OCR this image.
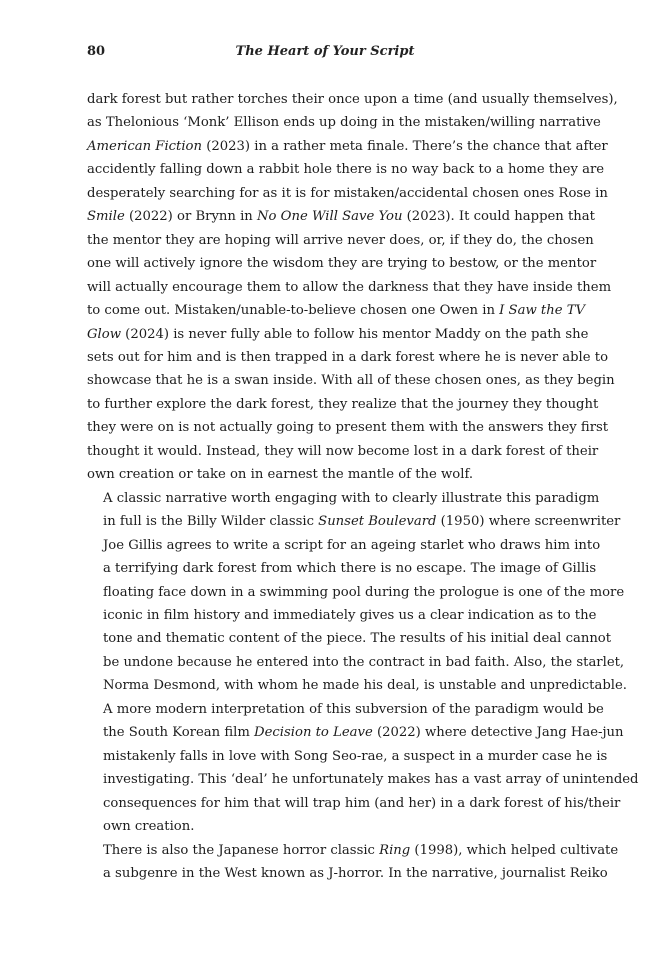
80	The Heart of Your Script

dark forest but rather torches their once upon a time (and usually themselves),
as Thelonious ‘Monk’ Ellison ends up doing in the mistaken/willing narrative
American Fiction (2023) in a rather meta finale. There’s the chance that after
accidently falling down a rabbit hole there is no way back to a home they are
desperately searching for as it is for mistaken/accidental chosen ones Rose in
Smile (2022) or Brynn in No One Will Save You (2023). It could happen that
the mentor they are hoping will arrive never does, or, if they do, the chosen
one will actively ignore the wisdom they are trying to bestow, or the mentor
will actually encourage them to allow the darkness that they have inside them
to come out. Mistaken/unable-to-believe chosen one Owen in I Saw the TV
Glow (2024) is never fully able to follow his mentor Maddy on the path she
sets out for him and is then trapped in a dark forest where he is never able to
showcase that he is a swan inside. With all of these chosen ones, as they begin
to further explore the dark forest, they realize that the journey they thought
they were on is not actually going to present them with the answers they first
thought it would. Instead, they will now become lost in a dark forest of their
own creation or take on in earnest the mantle of the wolf.

A classic narrative worth engaging with to clearly illustrate this paradigm
in full is the Billy Wilder classic Sunset Boulevard (1950) where screenwriter
Joe Gillis agrees to write a script for an ageing starlet who draws him into
a terrifying dark forest from which there is no escape. The image of Gillis
floating face down in a swimming pool during the prologue is one of the more
iconic in film history and immediately gives us a clear indication as to the
tone and thematic content of the piece. The results of his initial deal cannot
be undone because he entered into the contract in bad faith. Also, the starlet,
Norma Desmond, with whom he made his deal, is unstable and unpredictable.

A more modern interpretation of this subversion of the paradigm would be
the South Korean film Decision to Leave (2022) where detective Jang Hae-jun
mistakenly falls in love with Song Seo-rae, a suspect in a murder case he is
investigating. This ‘deal’ he unfortunately makes has a vast array of unintended
consequences for him that will trap him (and her) in a dark forest of his/their
own creation.

There is also the Japanese horror classic Ring (1998), which helped cultivate
a subgenre in the West known as J-horror. In the narrative, journalist Reiko
